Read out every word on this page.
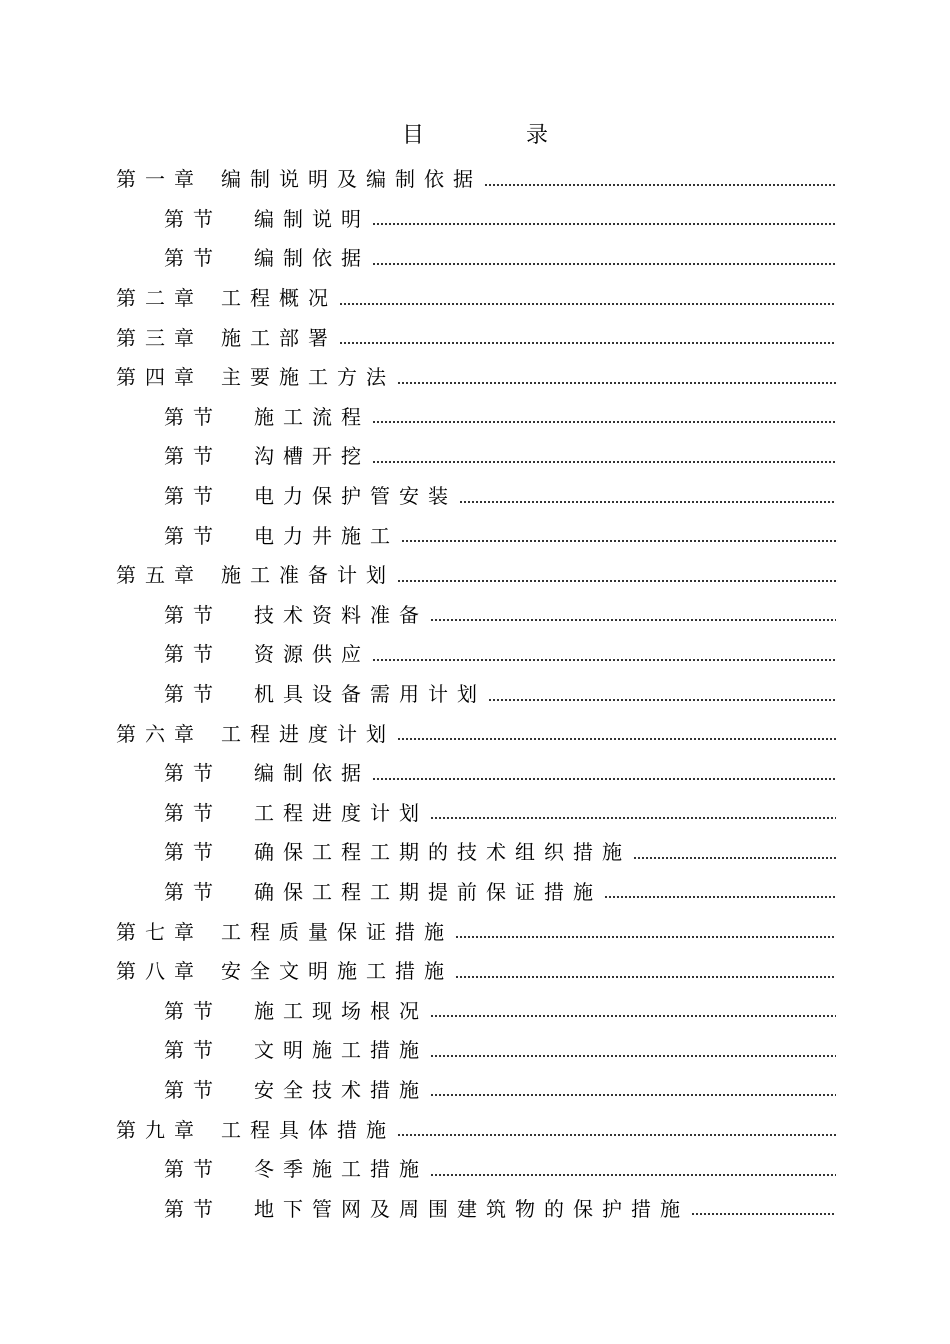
目　录
第一章 编制说明及编制依据
第节 编制说明
第节 编制依据
第二章 工程概况
第三章 施工部署
第四章 主要施工方法
第节 施工流程
第节 沟槽开挖
第节 电力保护管安装
第节 电力井施工
第五章 施工准备计划
第节 技术资料准备
第节 资源供应
第节 机具设备需用计划
第六章 工程进度计划
第节 编制依据
第节 工程进度计划
第节 确保工程工期的技术组织措施
第节 确保工程工期提前保证措施
第七章 工程质量保证措施
第八章 安全文明施工措施
第节 施工现场根况
第节 文明施工措施
第节 安全技术措施
第九章 工程具体措施
第节 冬季施工措施
第节 地下管网及周围建筑物的保护措施
